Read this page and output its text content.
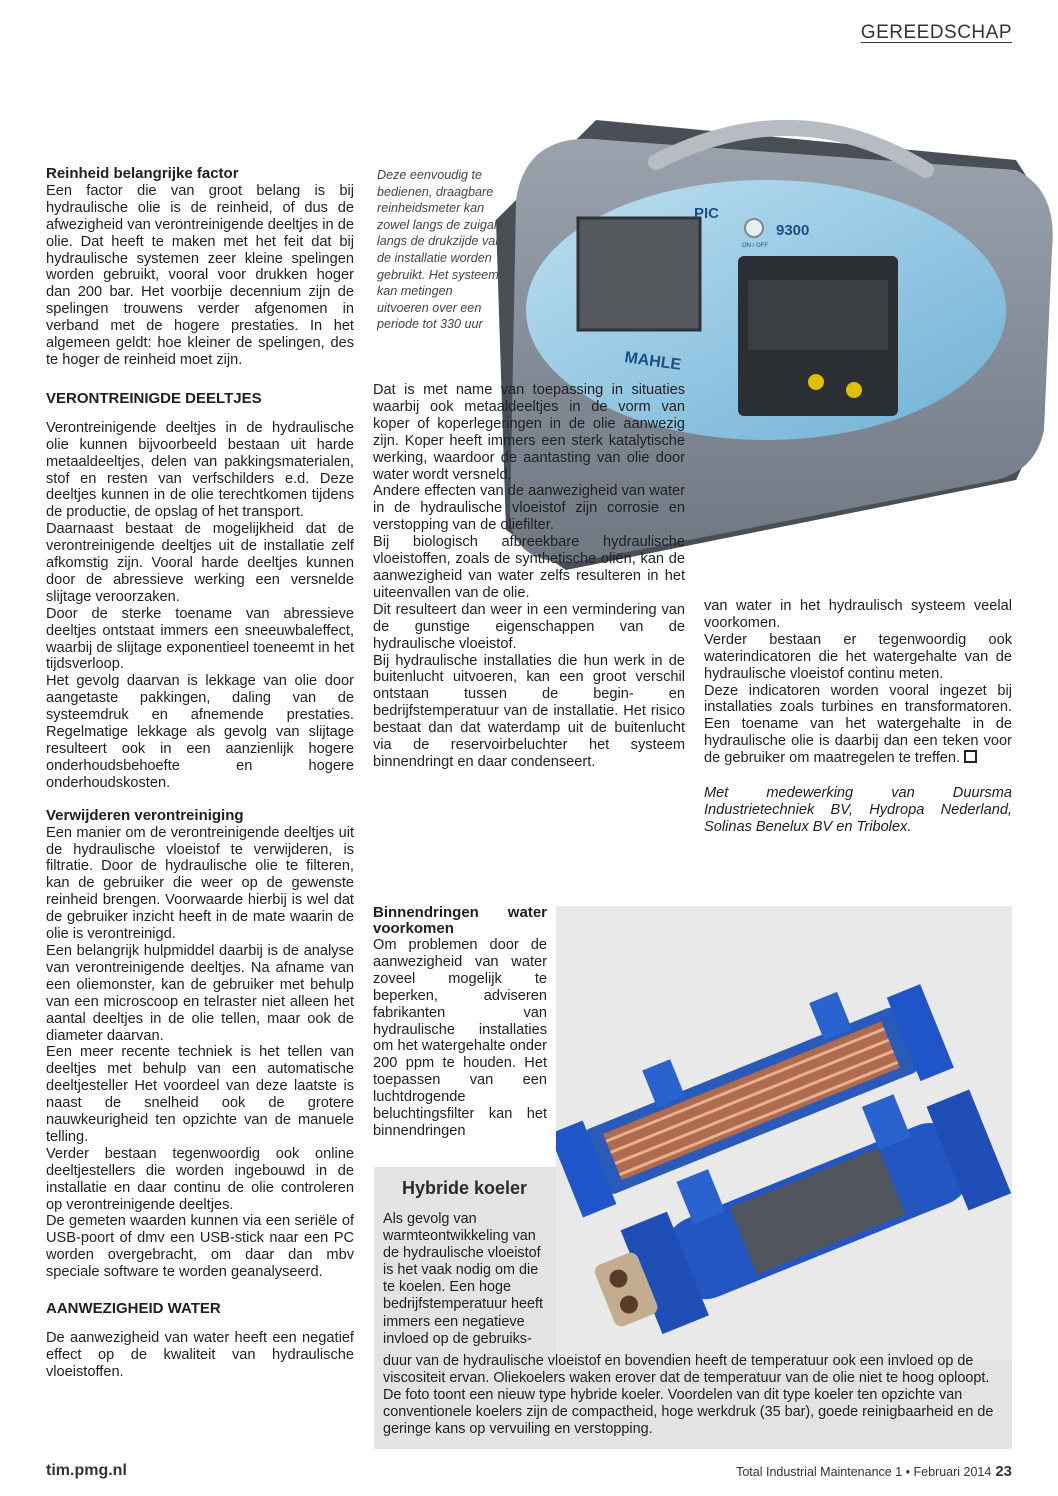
GEREEDSCHAP
PIC
9300
ON / OFF
MAHLE
Deze eenvoudig te bedienen, draagbare reinheidsmeter kan zowel langs de zuigals langs de drukzijde van de installatie worden gebruikt. Het systeem kan metingen uitvoeren over een periode tot 330 uur

Reinheid belangrijke factor

Een factor die van groot belang is bij hydraulische olie is de reinheid, of dus de afwezigheid van verontreinigende deeltjes in de olie. Dat heeft te maken met het feit dat bij hydraulische systemen zeer kleine spelingen worden gebruikt, vooral voor drukken hoger dan 200 bar. Het voorbije decennium zijn de spelingen trouwens verder afgenomen in verband met de hogere prestaties. In het algemeen geldt: hoe kleiner de spelingen, des te hoger de reinheid moet zijn.

VERONTREINIGDE DEELTJES

Verontreinigende deeltjes in de hydraulische olie kunnen bijvoorbeeld bestaan uit harde metaaldeeltjes, delen van pakkingsmaterialen, stof en resten van verfschilders e.d. Deze deeltjes kunnen in de olie terechtkomen tijdens de productie, de opslag of het transport.

Daarnaast bestaat de mogelijkheid dat de verontreinigende deeltjes uit de installatie zelf afkomstig zijn. Vooral harde deeltjes kunnen door de abressieve werking een versnelde slijtage veroorzaken.

Door de sterke toename van abressieve deeltjes ontstaat immers een sneeuwbaleffect, waarbij de slijtage exponentieel toeneemt in het tijdsverloop.

Het gevolg daarvan is lekkage van olie door aangetaste pakkingen, daling van de systeemdruk en afnemende prestaties. Regelmatige lekkage als gevolg van slijtage resulteert ook in een aanzienlijk hogere onderhoudsbehoefte en hogere onderhoudskosten.

Verwijderen verontreiniging

Een manier om de verontreinigende deeltjes uit de hydraulische vloeistof te verwijderen, is filtratie. Door de hydraulische olie te filteren, kan de gebruiker die weer op de gewenste reinheid brengen. Voorwaarde hierbij is wel dat de gebruiker inzicht heeft in de mate waarin de olie is verontreinigd.

Een belangrijk hulpmiddel daarbij is de analyse van verontreinigende deeltjes. Na afname van een oliemonster, kan de gebruiker met behulp van een microscoop en telraster niet alleen het aantal deeltjes in de olie tellen, maar ook de diameter daarvan.

Een meer recente techniek is het tellen van deeltjes met behulp van een automatische deeltjesteller Het voordeel van deze laatste is naast de snelheid ook de grotere nauwkeurigheid ten opzichte van de manuele telling.

Verder bestaan tegenwoordig ook online deeltjestellers die worden ingebouwd in de installatie en daar continu de olie controleren op verontreinigende deeltjes.

De gemeten waarden kunnen via een seriële of USB-poort of dmv een USB-stick naar een PC worden overgebracht, om daar dan mbv speciale software te worden geanalyseerd.

AANWEZIGHEID WATER

De aanwezigheid van water heeft een negatief effect op de kwaliteit van hydraulische vloeistoffen.

Dat is met name van toepassing in situaties waarbij ook metaaldeeltjes in de vorm van koper of koperlegeringen in de olie aanwezig zijn. Koper heeft immers een sterk katalytische werking, waardoor de aantasting van olie door water wordt versneld.

Andere effecten van de aanwezigheid van water in de hydraulische vloeistof zijn corrosie en verstopping van de oliefilter.

Bij biologisch afbreekbare hydraulische vloeistoffen, zoals de synthetische oliën, kan de aanwezigheid van water zelfs resulteren in het uiteenvallen van de olie.

Dit resulteert dan weer in een vermindering van de gunstige eigenschappen van de hydraulische vloeistof.

Bij hydraulische installaties die hun werk in de buitenlucht uitvoeren, kan een groot verschil ontstaan tussen de begin- en bedrijfstemperatuur van de installatie. Het risico bestaat dan dat waterdamp uit de buitenlucht via de reservoirbeluchter het systeem binnendringt en daar condenseert.

Binnendringen water voorkomen

Om problemen door de aanwezigheid van water zoveel mogelijk te beperken, adviseren fabrikanten van hydraulische installaties om het watergehalte onder 200 ppm te houden. Het toepassen van een luchtdrogende beluchtingsfilter kan het binnendringen

van water in het hydraulisch systeem veelal voorkomen.

Verder bestaan er tegenwoordig ook waterindicatoren die het watergehalte van de hydraulische vloeistof continu meten.

Deze indicatoren worden vooral ingezet bij installaties zoals turbines en transformatoren. Een toename van het watergehalte in de hydraulische olie is daarbij dan een teken voor de gebruiker om maatregelen te treffen.

Met medewerking van Duursma Industrietechniek BV, Hydropa Nederland, Solinas Benelux BV en Tribolex.

Hybride koeler

Als gevolg van warmteontwikkeling van de hydraulische vloeistof is het vaak nodig om die te koelen. Een hoge bedrijfstemperatuur heeft immers een negatieve invloed op de gebruiks-

duur van de hydraulische vloeistof en bovendien heeft de temperatuur ook een invloed op de viscositeit ervan. Oliekoelers waken erover dat de temperatuur van de olie niet te hoog oploopt. De foto toont een nieuw type hybride koeler. Voordelen van dit type koeler ten opzichte van conventionele koelers zijn de compactheid, hoge werkdruk (35 bar), goede reinigbaarheid en de geringe kans op vervuiling en verstopping.

tim.pmg.nl	Total Industrial Maintenance 1 • Februari 2014 23
